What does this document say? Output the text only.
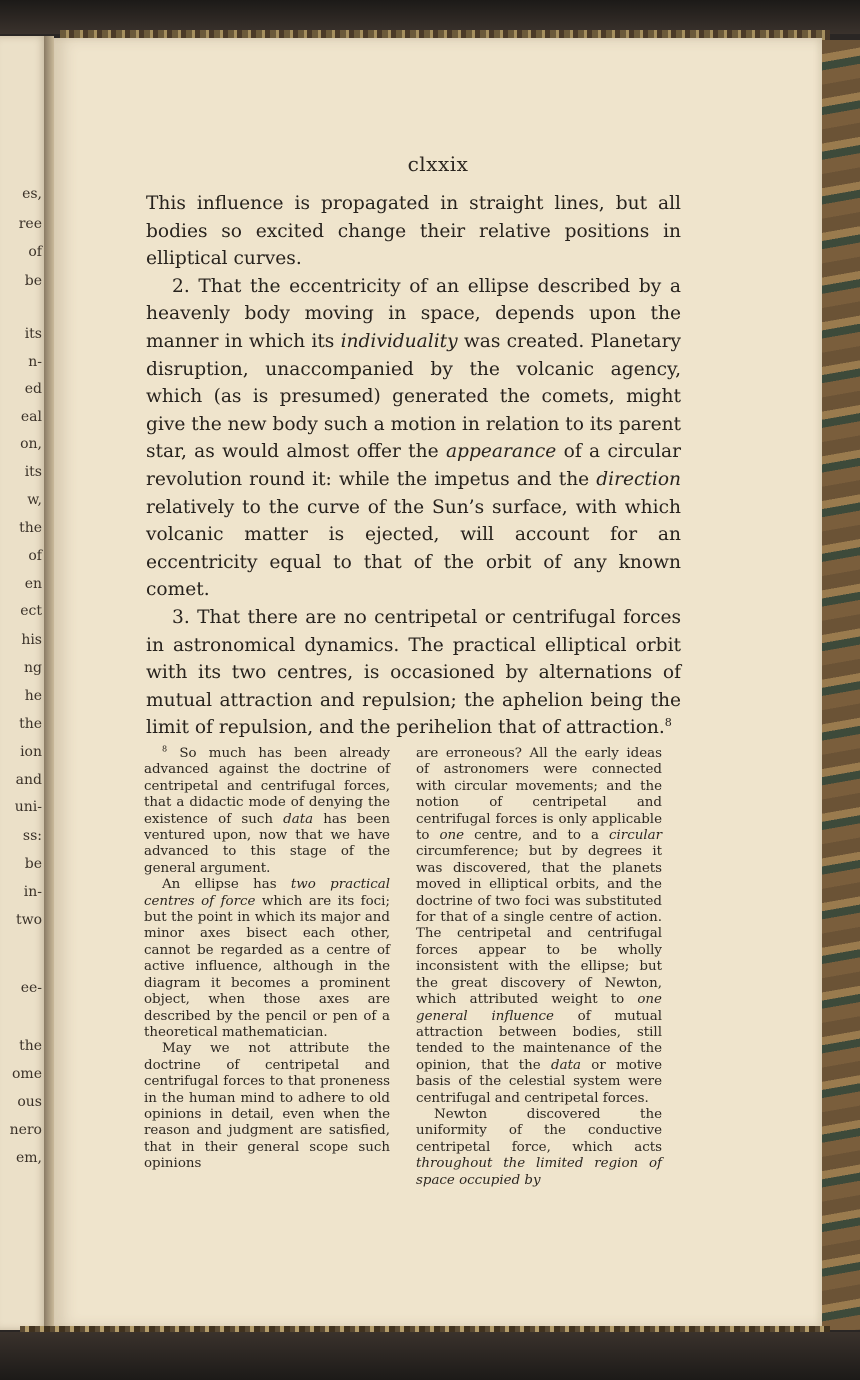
es,
ree
of
be
its
n-
ed
eal
on,
its
w,
the
of
en
ect
his
ng
he
the
ion
and
uni-
ss:
be
in-
two
ee-
the
ome
ous
nero
em,
clxxix

This influence is propagated in straight lines, but all bodies so excited change their relative positions in elliptical curves.

2. That the eccentricity of an ellipse described by a heavenly body moving in space, depends upon the manner in which its individuality was created. Planetary disruption, unaccompanied by the volcanic agency, which (as is presumed) generated the comets, might give the new body such a motion in relation to its parent star, as would almost offer the appearance of a circular revolution round it: while the impetus and the direction relatively to the curve of the Sun’s surface, with which volcanic matter is ejected, will account for an eccentricity equal to that of the orbit of any known comet.

3. That there are no centripetal or centrifugal forces in astronomical dynamics. The practical elliptical orbit with its two centres, is occasioned by alternations of mutual attraction and repulsion; the aphelion being the limit of repulsion, and the perihelion that of attraction.$^8$

$^8$ So much has been already advanced against the doctrine of centripetal and centrifugal forces, that a didactic mode of denying the existence of such data has been ventured upon, now that we have advanced to this stage of the general argument.

An ellipse has two practical centres of force which are its foci; but the point in which its major and minor axes bisect each other, cannot be regarded as a centre of active influence, although in the diagram it becomes a prominent object, when those axes are described by the pencil or pen of a theoretical mathematician.

May we not attribute the doctrine of centripetal and centrifugal forces to that proneness in the human mind to adhere to old opinions in detail, even when the reason and judgment are satisfied, that in their general scope such opinions

are erroneous? All the early ideas of astronomers were connected with circular movements; and the notion of centripetal and centrifugal forces is only applicable to one centre, and to a circular circumference; but by degrees it was discovered, that the planets moved in elliptical orbits, and the doctrine of two foci was substituted for that of a single centre of action. The centripetal and centrifugal forces appear to be wholly inconsistent with the ellipse; but the great discovery of Newton, which attributed weight to one general influence of mutual attraction between bodies, still tended to the maintenance of the opinion, that the data or motive basis of the celestial system were centrifugal and centripetal forces.

Newton discovered the uniformity of the conductive centripetal force, which acts throughout the limited region of space occupied by
